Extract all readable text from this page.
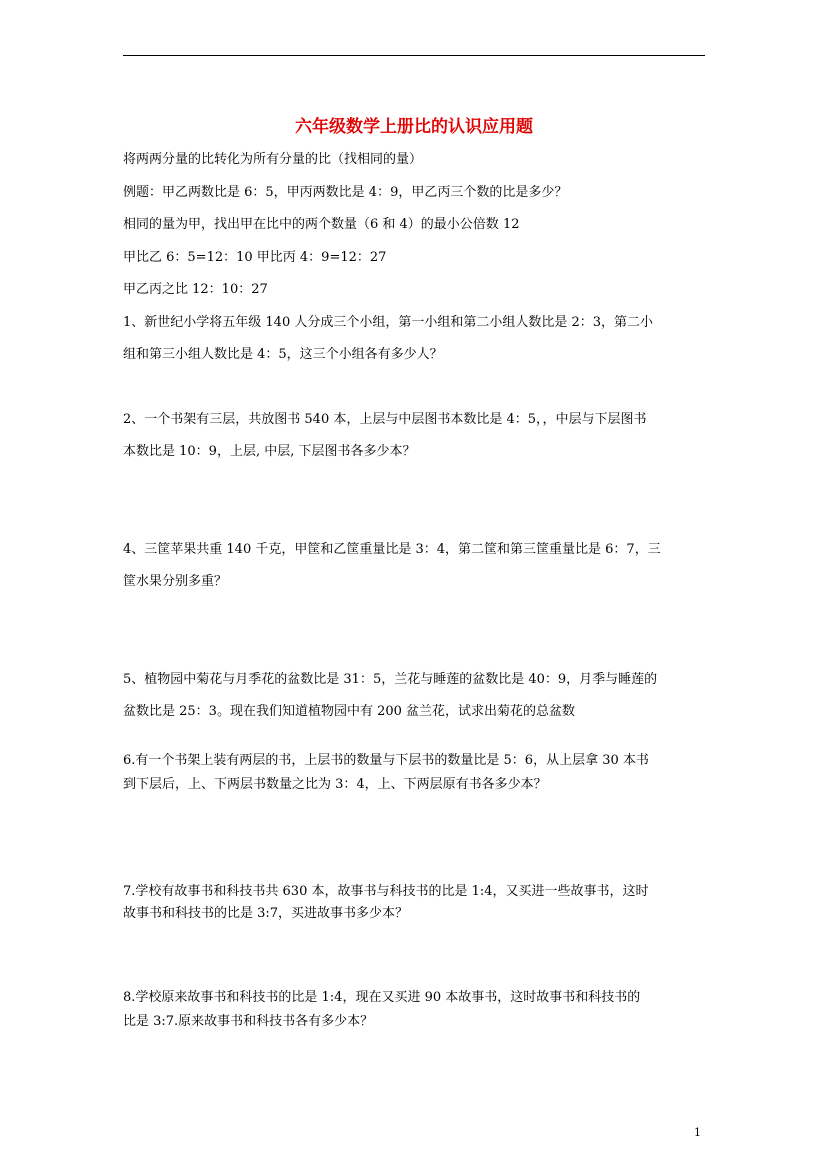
六年级数学上册比的认识应用题

将两两分量的比转化为所有分量的比（找相同的量）

例题：甲乙两数比是 6：5，甲丙两数比是 4：9，甲乙丙三个数的比是多少？

相同的量为甲，找出甲在比中的两个数量（6 和 4）的最小公倍数 12

甲比乙 6：5=12：10 甲比丙 4：9=12：27

甲乙丙之比 12：10：27

1、新世纪小学将五年级 140 人分成三个小组，第一小组和第二小组人数比是 2：3，第二小

组和第三小组人数比是 4：5，这三个小组各有多少人？

2、一个书架有三层，共放图书 540 本，上层与中层图书本数比是 4：5，，中层与下层图书

本数比是 10：9，上层, 中层, 下层图书各多少本？

4、三筐苹果共重 140 千克，甲筐和乙筐重量比是 3：4，第二筐和第三筐重量比是 6：7，三

筐水果分别多重？

5、植物园中菊花与月季花的盆数比是 31：5，兰花与睡莲的盆数比是 40：9，月季与睡莲的

盆数比是 25：3。现在我们知道植物园中有 200 盆兰花，试求出菊花的总盆数

6.有一个书架上装有两层的书，上层书的数量与下层书的数量比是 5：6，从上层拿 30 本书

到下层后，上、下两层书数量之比为 3：4，上、下两层原有书各多少本？

7.学校有故事书和科技书共 630 本，故事书与科技书的比是 1:4，又买进一些故事书，这时

故事书和科技书的比是 3:7，买进故事书多少本？

8.学校原来故事书和科技书的比是 1:4，现在又买进 90 本故事书，这时故事书和科技书的

比是 3:7.原来故事书和科技书各有多少本？

1
